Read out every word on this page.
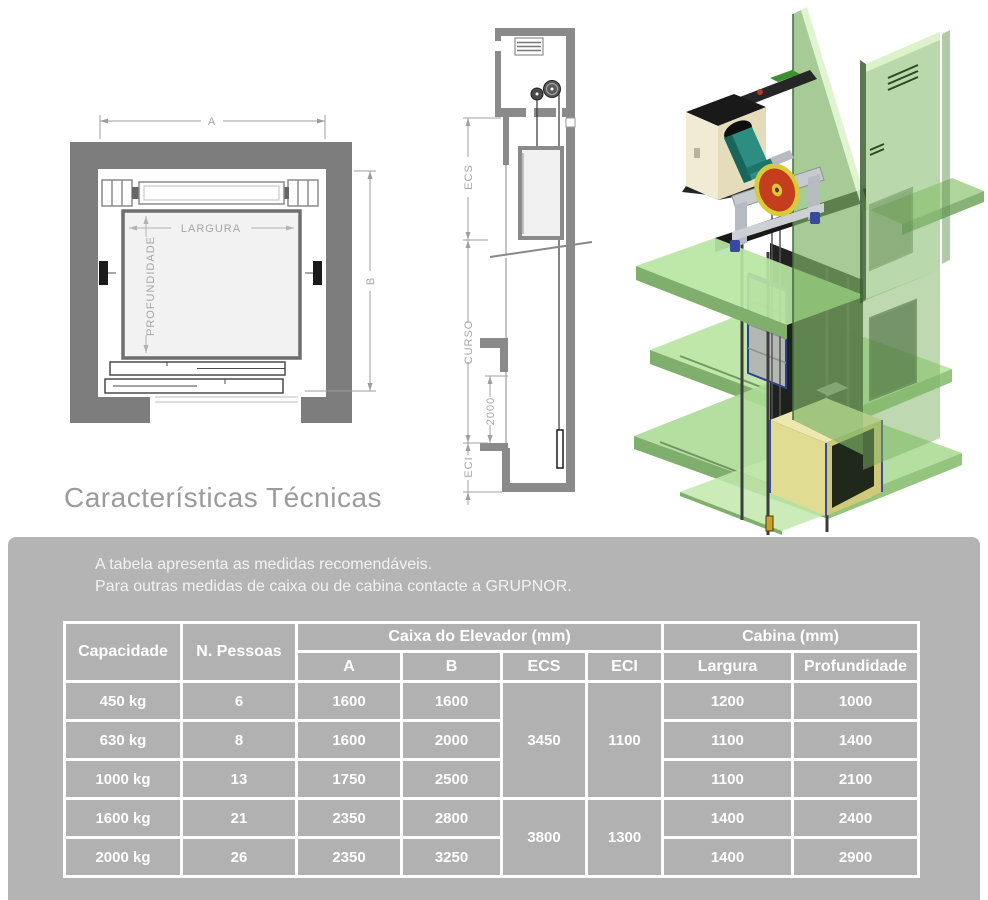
A
B
LARGURA
PROFUNDIDADE
ECS
CURSO
2000
ECI
Características Técnicas
A tabela apresenta as medidas recomendáveis.
Para outras medidas de caixa ou de cabina contacte a GRUPNOR.
Capacidade	N. Pessoas	Caixa do Elevador (mm)				Cabina (mm)	
		A	B	ECS	ECI	Largura	Profundidade
450 kg	6	1600	1600	3450	1100	1200	1000
630 kg	8	1600	2000			1100	1400
1000 kg	13	1750	2500			1100	2100
1600 kg	21	2350	2800	3800	1300	1400	2400
2000 kg	26	2350	3250			1400	2900
